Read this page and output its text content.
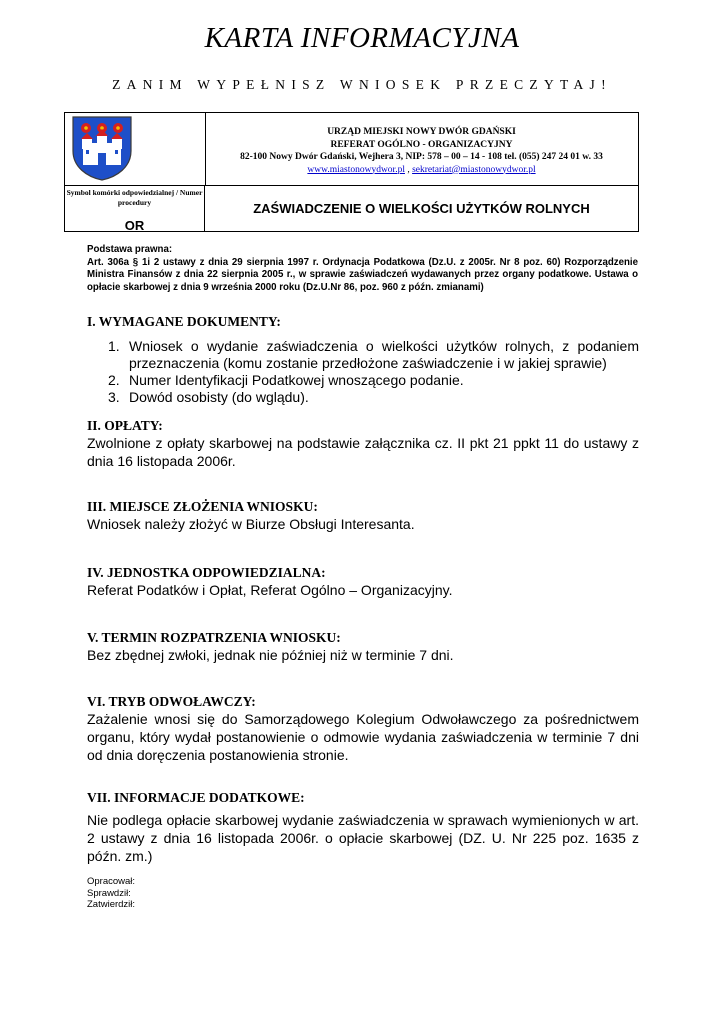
KARTA INFORMACYJNA
ZANIM WYPEŁNISZ WNIOSEK PRZECZYTAJ!
URZĄD MIEJSKI NOWY DWÓR GDAŃSKI
REFERAT OGÓLNO - ORGANIZACYJNY
82-100 Nowy Dwór Gdański, Wejhera 3, NIP: 578 – 00 – 14 - 108 tel. (055) 247 24 01 w. 33
www.miastonowydwor.pl , sekretariat@miastonowydwor.pl
Symbol komórki odpowiedzialnej / Numer procedury
OR
ZAŚWIADCZENIE O WIELKOŚCI UŻYTKÓW ROLNYCH
Podstawa prawna:
Art. 306a § 1i 2 ustawy z dnia 29 sierpnia 1997 r. Ordynacja Podatkowa (Dz.U. z 2005r. Nr 8 poz. 60) Rozporządzenie Ministra Finansów z dnia 22 sierpnia 2005 r., w sprawie zaświadczeń wydawanych przez organy podatkowe. Ustawa o opłacie skarbowej z dnia 9 września 2000 roku (Dz.U.Nr 86, poz. 960 z późn. zmianami)
I. WYMAGANE DOKUMENTY:
1. Wniosek o wydanie zaświadczenia o wielkości użytków rolnych, z podaniem przeznaczenia (komu zostanie przedłożone zaświadczenie i w jakiej sprawie)
2. Numer Identyfikacji Podatkowej wnoszącego podanie.
3. Dowód osobisty (do wglądu).
II. OPŁATY:
Zwolnione z opłaty skarbowej na podstawie załącznika cz. II pkt 21 ppkt 11 do ustawy z dnia 16 listopada 2006r.
III. MIEJSCE ZŁOŻENIA WNIOSKU:
Wniosek należy złożyć w Biurze Obsługi Interesanta.
IV. JEDNOSTKA ODPOWIEDZIALNA:
Referat Podatków i Opłat, Referat Ogólno – Organizacyjny.
V. TERMIN ROZPATRZENIA WNIOSKU:
Bez zbędnej zwłoki, jednak nie później niż w terminie 7 dni.
VI. TRYB ODWOŁAWCZY:
Zażalenie wnosi się do Samorządowego Kolegium Odwoławczego za pośrednictwem organu, który wydał postanowienie o odmowie wydania zaświadczenia w terminie 7 dni od dnia doręczenia postanowienia stronie.
VII. INFORMACJE DODATKOWE:
Nie podlega opłacie skarbowej wydanie zaświadczenia w sprawach wymienionych w art. 2 ustawy z dnia 16 listopada 2006r. o opłacie skarbowej (DZ. U. Nr 225 poz. 1635 z późn. zm.)
Opracował:
Sprawdził:
Zatwierdził:
